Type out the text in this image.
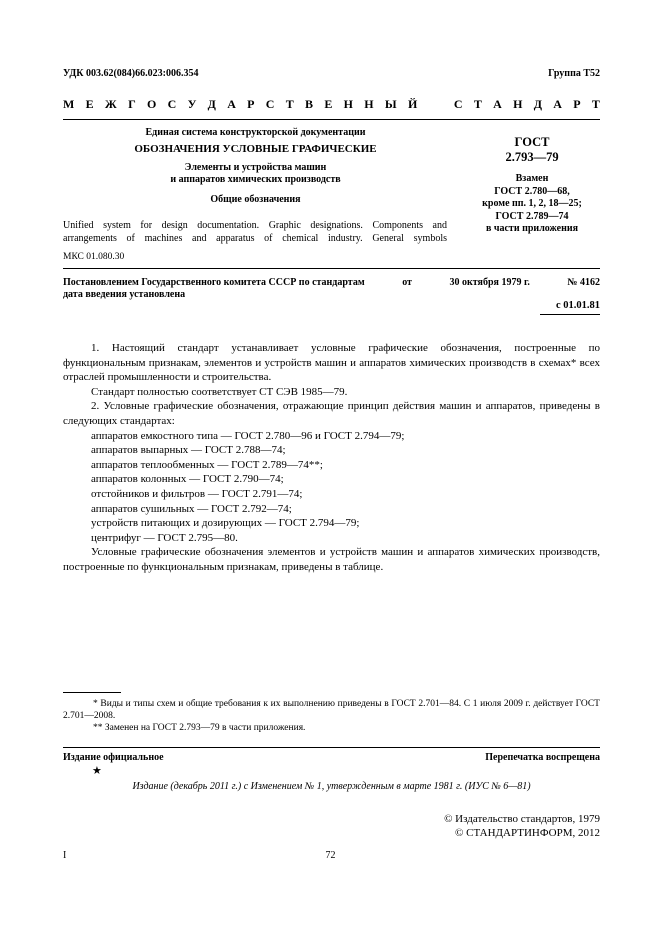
УДК 003.62(084)66.023:006.354	Группа Т52
М Е Ж Г О С У Д А Р С Т В Е Н Н Ы Й	С Т А Н Д А Р Т
Единая система конструкторской документации
ОБОЗНАЧЕНИЯ УСЛОВНЫЕ ГРАФИЧЕСКИЕ
Элементы и устройства машин
и аппаратов химических производств
Общие обозначения
Unified system for design documentation. Graphic designations. Components and
arrangements of machines and apparatus of chemical industry. General symbols
МКС 01.080.30
ГОСТ
2.793—79
Взамен
ГОСТ 2.780—68,
кроме пп. 1, 2, 18—25;
ГОСТ 2.789—74
в части приложения
Постановлением Государственного комитета СССР по стандартам	от	30 октября 1979 г.	№ 4162
дата введения установлена
с 01.01.81

1. Настоящий стандарт устанавливает условные графические обозначения, построенные по функциональным признакам, элементов и устройств машин и аппаратов химических производств в схемах* всех отраслей промышленности и строительства.

Стандарт полностью соответствует СТ СЭВ 1985—79.

2. Условные графические обозначения, отражающие принцип действия машин и аппаратов, приведены в следующих стандартах:

аппаратов емкостного типа — ГОСТ 2.780—96 и ГОСТ 2.794—79;

аппаратов выпарных — ГОСТ 2.788—74;

аппаратов теплообменных — ГОСТ 2.789—74**;

аппаратов колонных — ГОСТ 2.790—74;

отстойников и фильтров — ГОСТ 2.791—74;

аппаратов сушильных — ГОСТ 2.792—74;

устройств питающих и дозирующих — ГОСТ 2.794—79;

центрифуг — ГОСТ 2.795—80.

Условные графические обозначения элементов и устройств машин и аппаратов химических производств, построенные по функциональным признакам, приведены в таблице.

* Виды и типы схем и общие требования к их выполнению приведены в ГОСТ 2.701—84. С 1 июля 2009 г. действует ГОСТ 2.701—2008.

** Заменен на ГОСТ 2.793—79 в части приложения.

Издание официальное
★
Перепечатка воспрещена
Издание (декабрь 2011 г.) с Изменением № 1, утвержденным в марте 1981 г. (ИУС № 6—81)
© Издательство стандартов, 1979
© СТАНДАРТИНФОРМ, 2012
I	72
